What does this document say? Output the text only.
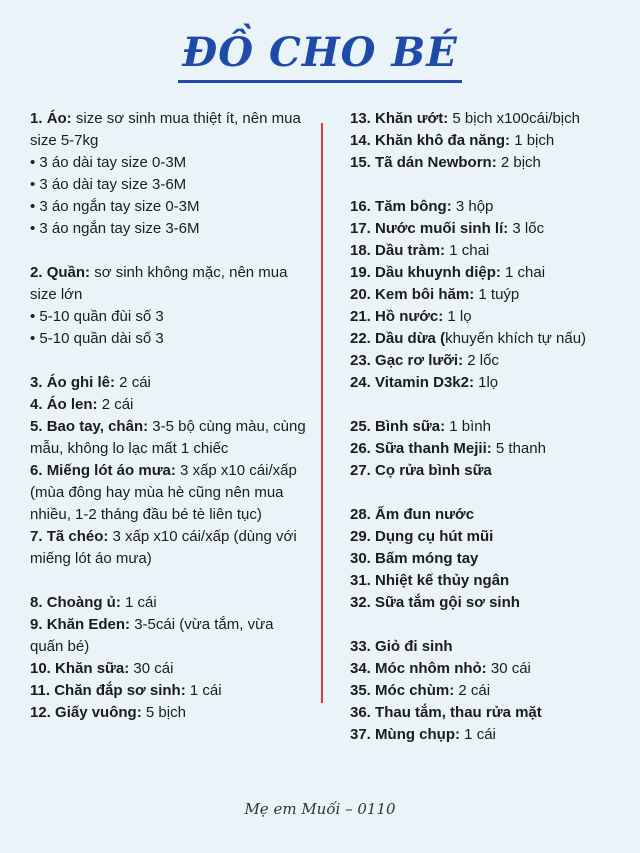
ĐỒ CHO BÉ
1. Áo: size sơ sinh mua thiệt ít, nên mua size 5-7kg
• 3 áo dài tay size 0-3M
• 3 áo dài tay size 3-6M
• 3 áo ngắn tay size 0-3M
• 3 áo ngắn tay size 3-6M
2. Quần: sơ sinh không mặc, nên mua size lớn
• 5-10 quần đùi số 3
• 5-10 quần dài số 3
3. Áo ghi lê: 2 cái
4. Áo len: 2 cái
5. Bao tay, chân: 3-5 bộ cùng màu, cùng mẫu, không lo lạc mất 1 chiếc
6. Miếng lót áo mưa: 3 xấp x10 cái/xấp (mùa đông hay mùa hè cũng nên mua nhiều, 1-2 tháng đầu bé tè liên tục)
7. Tã chéo: 3 xấp x10 cái/xấp (dùng với miếng lót áo mưa)
8. Choàng ủ: 1 cái
9. Khăn Eden: 3-5cái (vừa tắm, vừa quấn bé)
10. Khăn sữa: 30 cái
11. Chăn đắp sơ sinh: 1 cái
12. Giấy vuông: 5 bịch
13. Khăn ướt: 5 bịch x100cái/bịch
14. Khăn khô đa năng: 1 bịch
15. Tã dán Newborn: 2 bịch
16. Tăm bông: 3 hộp
17. Nước muối sinh lí: 3 lốc
18. Dầu tràm: 1 chai
19. Dầu khuynh diệp: 1 chai
20. Kem bôi hăm: 1 tuýp
21. Hồ nước: 1 lọ
22. Dầu dừa (khuyến khích tự nấu)
23. Gạc rơ lưỡi: 2 lốc
24. Vitamin D3k2: 1lọ
25. Bình sữa: 1 bình
26. Sữa thanh Mejii: 5 thanh
27. Cọ rửa bình sữa
28. Ấm đun nước
29. Dụng cụ hút mũi
30. Bấm móng tay
31. Nhiệt kế thủy ngân
32. Sữa tắm gội sơ sinh
33. Giỏ đi sinh
34. Móc nhôm nhỏ: 30 cái
35. Móc chùm: 2 cái
36. Thau tắm, thau rửa mặt
37. Mùng chụp: 1 cái
Mẹ em Muối – 0110
